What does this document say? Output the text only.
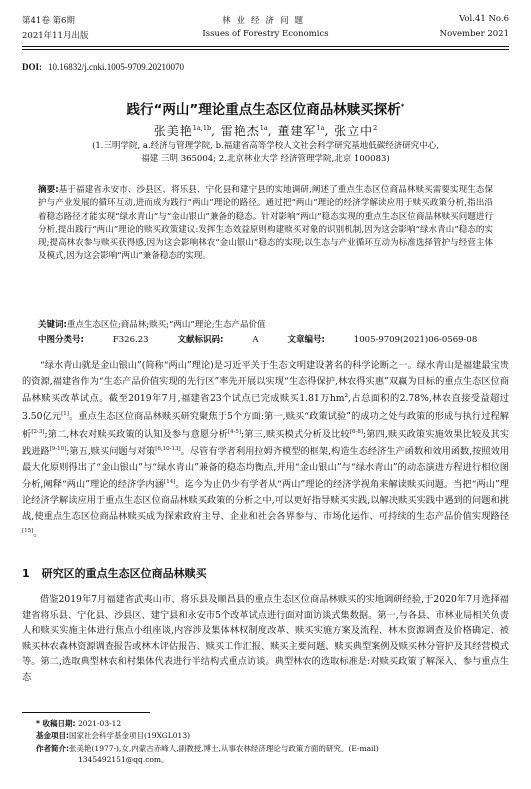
第41卷 第6期
2021年11月出版
林业经济问题
Issues of Forestry Economics
Vol.41 No.6
November 2021
DOI: 10.16832/j.cnki.1005-9709.20210070
践行“两山”理论重点生态区位商品林赎买探析*
张美艳$^{1a,1b}$, 雷艳杰$^{1a}$, 董建军$^{1a}$, 张立中$^2$
(1.三明学院, a.经济与管理学院, b.福建省高等学校人文社会科学研究基地低碳经济研究中心,
福建 三明 365004; 2.北京林业大学 经济管理学院,北京 100083)
摘要:基于福建省永安市、沙县区、将乐县、宁化县和建宁县的实地调研,阐述了重点生态区位商品林赎买需要实现生态保护与产业发展的循环互动,进而成为践行“两山”理论的路径。通过把“两山”理论的经济学解读应用于赎买政策分析,指出沿着稳态路径才能实现“绿水青山”与“金山银山”兼备的稳态。针对影响“两山”稳态实现的重点生态区位商品林赎买问题进行分析,提出践行“两山”理论的赎买政策建议:发挥生态效益原则构建赎买对象的识别机制,因为这会影响“绿水青山”稳态的实现;提高林农参与赎买获得感,因为这会影响林农“金山银山”稳态的实现;以生态与产业循环互动为标准选择管护与经营主体及模式,因为这会影响“两山”兼备稳态的实现。
关键词:重点生态区位;商品林;赎买;“两山”理论;生态产品价值
中图分类号:	F326.23	文献标识码:	A	文章编号:	1005-9709(2021)06-0569-08
“绿水青山就是金山银山”(简称“两山”理论)是习近平关于生态文明建设著名的科学论断之一。绿水青山是福建最宝贵的资源,福建省作为“生态产品价值实现的先行区”率先开展以实现“生态得保护,林农得实惠”双赢为目标的重点生态区位商品林赎买改革试点。截至2019年7月,福建省23个试点已完成赎买1.81万$hm^2$,占总面积的2.78%,林农直接受益超过3.50亿元[1]。重点生态区位商品林赎买研究聚焦于5个方面:第一,赎买“政策试验”的成功之处与政策的形成与执行过程解析[2-3];第二,林农对赎买政策的认知及参与意愿分析[4-5];第三,赎买模式分析及比较[6-8];第四,赎买政策实施效果比较及其实践进路[9-10];第五,赎买问题与对策[6,10-13]。尽管有学者利用拉姆齐模型的框架,构造生态经济生产函数和效用函数,按照效用最大化原则得出了“金山银山”与“绿水青山”兼备的稳态均衡点,并用“金山银山”与“绿水青山”的动态演进方程进行相位图分析,阐释“两山”理论的经济学内涵[14]。迄今为止仍少有学者从“两山”理论的经济学视角来解读赎买问题。当把“两山”理论经济学解读应用于重点生态区位商品林赎买政策的分析之中,可以更好指导赎买实践,以解决赎买实践中遇到的问题和挑战,使重点生态区位商品林赎买成为探索政府主导、企业和社会各界参与、市场化运作、可持续的生态产品价值实现路径[15]。
1 研究区的重点生态区位商品林赎买
借鉴2019年7月福建省武夷山市、将乐县及顺昌县的重点生态区位商品林赎买的实地调研经验,于2020年7月选择福建省将乐县、宁化县、沙县区、建宁县和永安市5个改革试点进行面对面访谈式集数据。第一,与各县、市林业局相关负责人和赎买实施主体进行焦点小组座谈,内容涉及集体林权制度改革、赎买实施方案及流程、林木资源调查及价格确定、被赎买林农森林资源调查报告或林木评估报告、赎买工作汇报、赎买主要问题、赎买典型案例及赎买林分管护及其经营模式等。第二,选取典型林农和村集体代表进行半结构式重点访谈。典型林农的选取标准是:对赎买政策了解深入、参与重点生态
* 收稿日期: 2021-03-12
基金项目:国家社会科学基金项目(19XGL013)
作者简介:张美艳(1977-),女,内蒙古赤峰人,副教授,博士,从事农林经济理论与政策方面的研究。(E-mail)
1345492151@qq.com。
